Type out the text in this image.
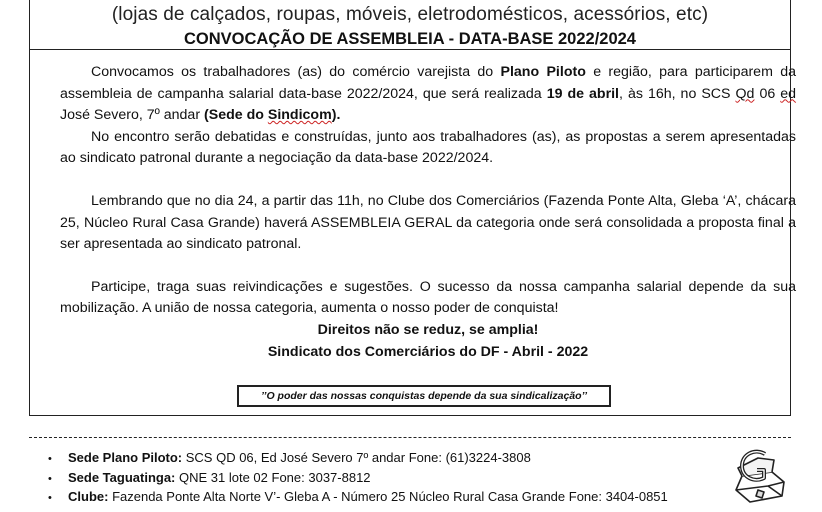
(lojas de calçados, roupas, móveis, eletrodomésticos, acessórios, etc)
CONVOCAÇÃO DE ASSEMBLEIA - DATA-BASE 2022/2024

Convocamos os trabalhadores (as) do comércio varejista do Plano Piloto e região, para participarem da assembleia de campanha salarial data-base 2022/2024, que será realizada 19 de abril, às 16h, no SCS Qd 06 ed José Severo, 7º andar (Sede do Sindicom).

No encontro serão debatidas e construídas, junto aos trabalhadores (as), as propostas a serem apresentadas ao sindicato patronal durante a negociação da data-base 2022/2024.

Lembrando que no dia 24, a partir das 11h, no Clube dos Comerciários (Fazenda Ponte Alta, Gleba ‘A’, chácara 25, Núcleo Rural Casa Grande) haverá ASSEMBLEIA GERAL da categoria onde será consolidada a proposta final a ser apresentada ao sindicato patronal.

Participe, traga suas reivindicações e sugestões. O sucesso da nossa campanha salarial depende da sua mobilização. A união de nossa categoria, aumenta o nosso poder de conquista!

Direitos não se reduz, se amplia!

Sindicato dos Comerciários do DF - Abril - 2022

’’O poder das nossas conquistas depende da sua sindicalização’’
• Sede Plano Piloto: SCS QD 06, Ed José Severo 7º andar Fone: (61)3224-3808
• Sede Taguatinga: QNE 31 lote 02 Fone: 3037-8812
• Clube: Fazenda Ponte Alta Norte V’- Gleba A - Número 25 Núcleo Rural Casa Grande Fone: 3404-0851
